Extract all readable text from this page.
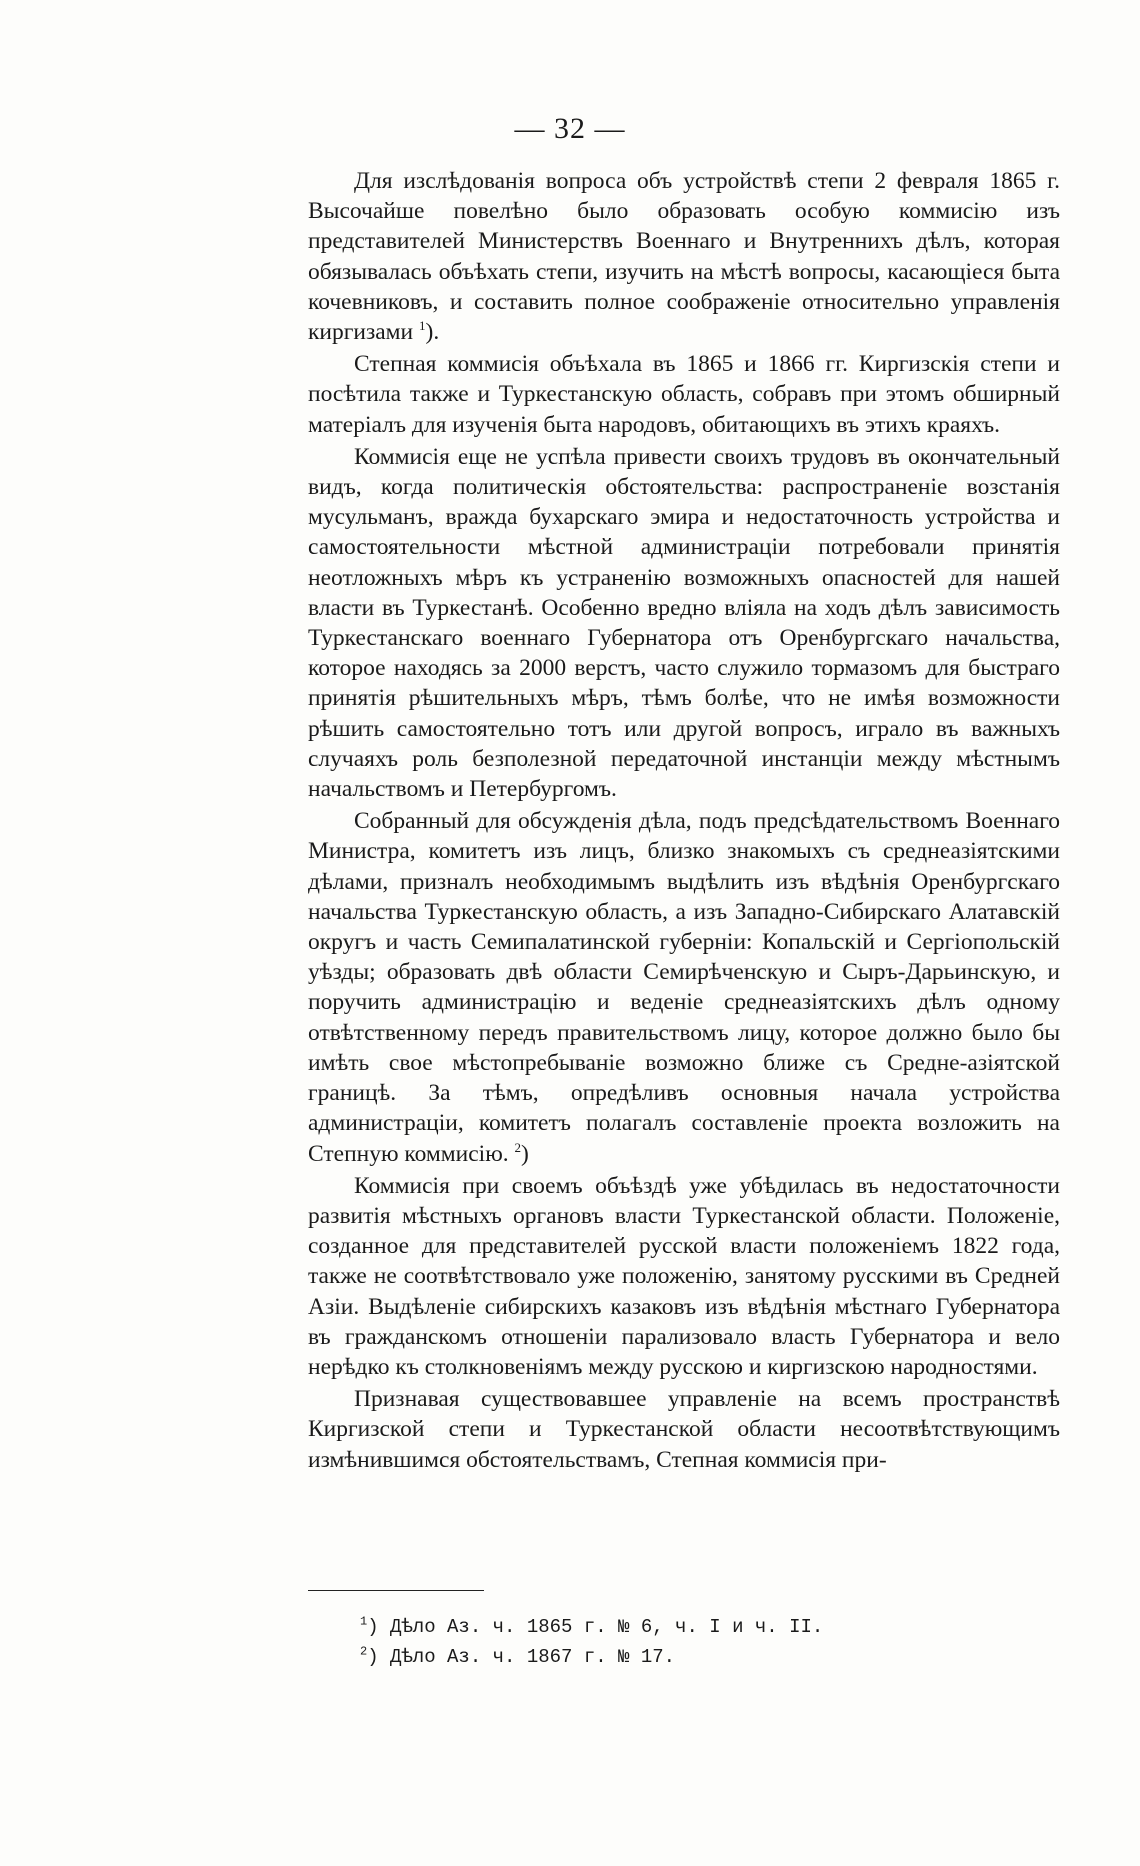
— 32 —

Для изслѣдованія вопроса объ устройствѣ степи 2 февраля 1865 г. Высочайше повелѣно было образовать особую коммисію изъ представителей Министерствъ Военнаго и Внутреннихъ дѣлъ, которая обязывалась объѣхать степи, изучить на мѣстѣ вопросы, касающіеся быта кочевниковъ, и составить полное соображеніе относительно управленія киргизами $^1$).

Степная коммисія объѣхала въ 1865 и 1866 гг. Киргизскія степи и посѣтила также и Туркестанскую область, собравъ при этомъ обширный матеріалъ для изученія быта народовъ, обитающихъ въ этихъ краяхъ.

Коммисія еще не успѣла привести своихъ трудовъ въ окончательный видъ, когда политическія обстоятельства: распространеніе возстанія мусульманъ, вражда бухарскаго эмира и недостаточность устройства и самостоятельности мѣстной администраціи потребовали принятія неотложныхъ мѣръ къ устраненію возможныхъ опасностей для нашей власти въ Туркестанѣ. Особенно вредно вліяла на ходъ дѣлъ зависимость Туркестанскаго военнаго Губернатора отъ Оренбургскаго начальства, которое находясь за 2000 верстъ, часто служило тормазомъ для быстраго принятія рѣшительныхъ мѣръ, тѣмъ болѣе, что не имѣя возможности рѣшить самостоятельно тотъ или другой вопросъ, играло въ важныхъ случаяхъ роль безполезной передаточной инстанціи между мѣстнымъ начальствомъ и Петербургомъ.

Собранный для обсужденія дѣла, подъ предсѣдательствомъ Военнаго Министра, комитетъ изъ лицъ, близко знакомыхъ съ среднеазіятскими дѣлами, призналъ необходимымъ выдѣлить изъ вѣдѣнія Оренбургскаго начальства Туркестанскую область, а изъ Западно-Сибирскаго Алатавскій округъ и часть Семипалатинской губерніи: Копальскій и Сергіопольскій уѣзды; образовать двѣ области Семирѣченскую и Сыръ-Дарьинскую, и поручить администрацію и веденіе среднеазіятскихъ дѣлъ одному отвѣтственному передъ правительствомъ лицу, которое должно было бы имѣть свое мѣстопребываніе возможно ближе съ Средне-азіятской границѣ. За тѣмъ, опредѣливъ основныя начала устройства администраціи, комитетъ полагалъ составленіе проекта возложить на Степную коммисію. $^2$)

Коммисія при своемъ объѣздѣ уже убѣдилась въ недостаточности развитія мѣстныхъ органовъ власти Туркестанской области. Положеніе, созданное для представителей русской власти положеніемъ 1822 года, также не соотвѣтствовало уже положенію, занятому русскими въ Средней Азіи. Выдѣленіе сибирскихъ казаковъ изъ вѣдѣнія мѣстнаго Губернатора въ гражданскомъ отношеніи парализовало власть Губернатора и вело нерѣдко къ столкновеніямъ между русскою и киргизскою народностями.

Признавая существовавшее управленіе на всемъ пространствѣ Киргизской степи и Туркестанской области несоотвѣтствующимъ измѣнившимся обстоятельствамъ, Степная коммисія при-

$^1$) Дѣло Аз. ч. 1865 г. № 6, ч. I и ч. II.
$^2$) Дѣло Аз. ч. 1867 г. № 17.
